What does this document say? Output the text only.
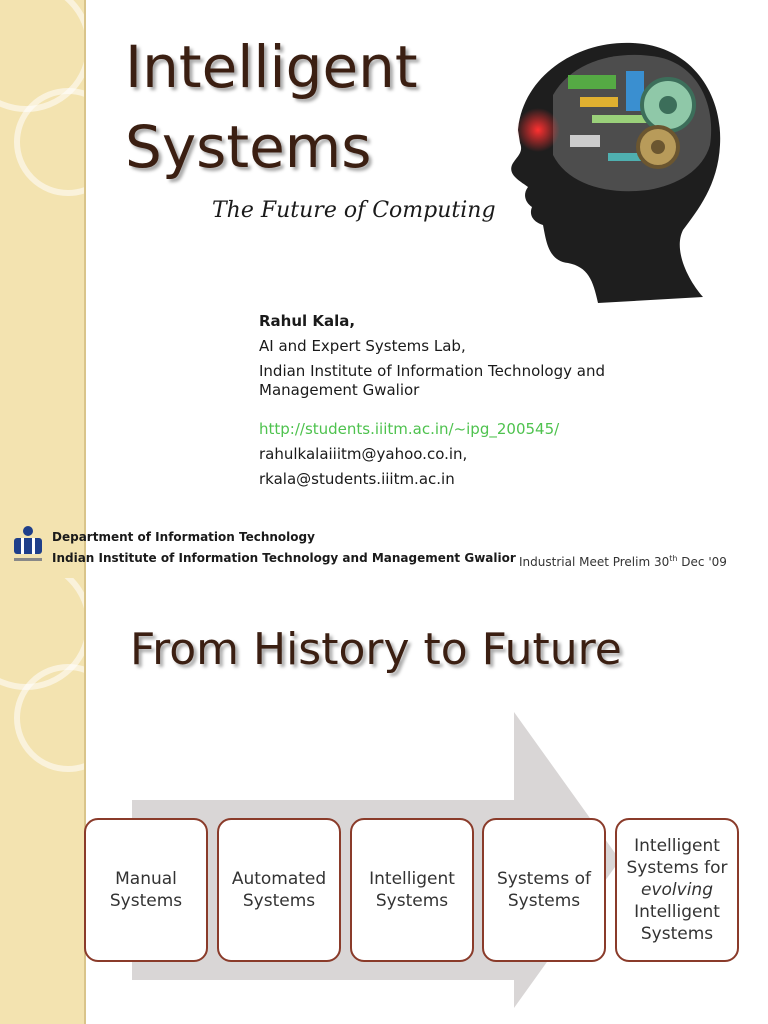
Intelligent
Systems
The Future of Computing

Rahul Kala,

AI and Expert Systems Lab,

Indian Institute of Information Technology and Management Gwalior

http://students.iiitm.ac.in/~ipg_200545/

rahulkalaiiitm@yahoo.co.in,

rkala@students.iiitm.ac.in

Department of Information Technology
Indian Institute of Information Technology and Management Gwalior Industrial Meet Prelim 30th Dec '09
From History to Future
Manual
Systems
Automated
Systems
Intelligent
Systems
Systems of
Systems
Intelligent
Systems for
evolving
Intelligent
Systems
